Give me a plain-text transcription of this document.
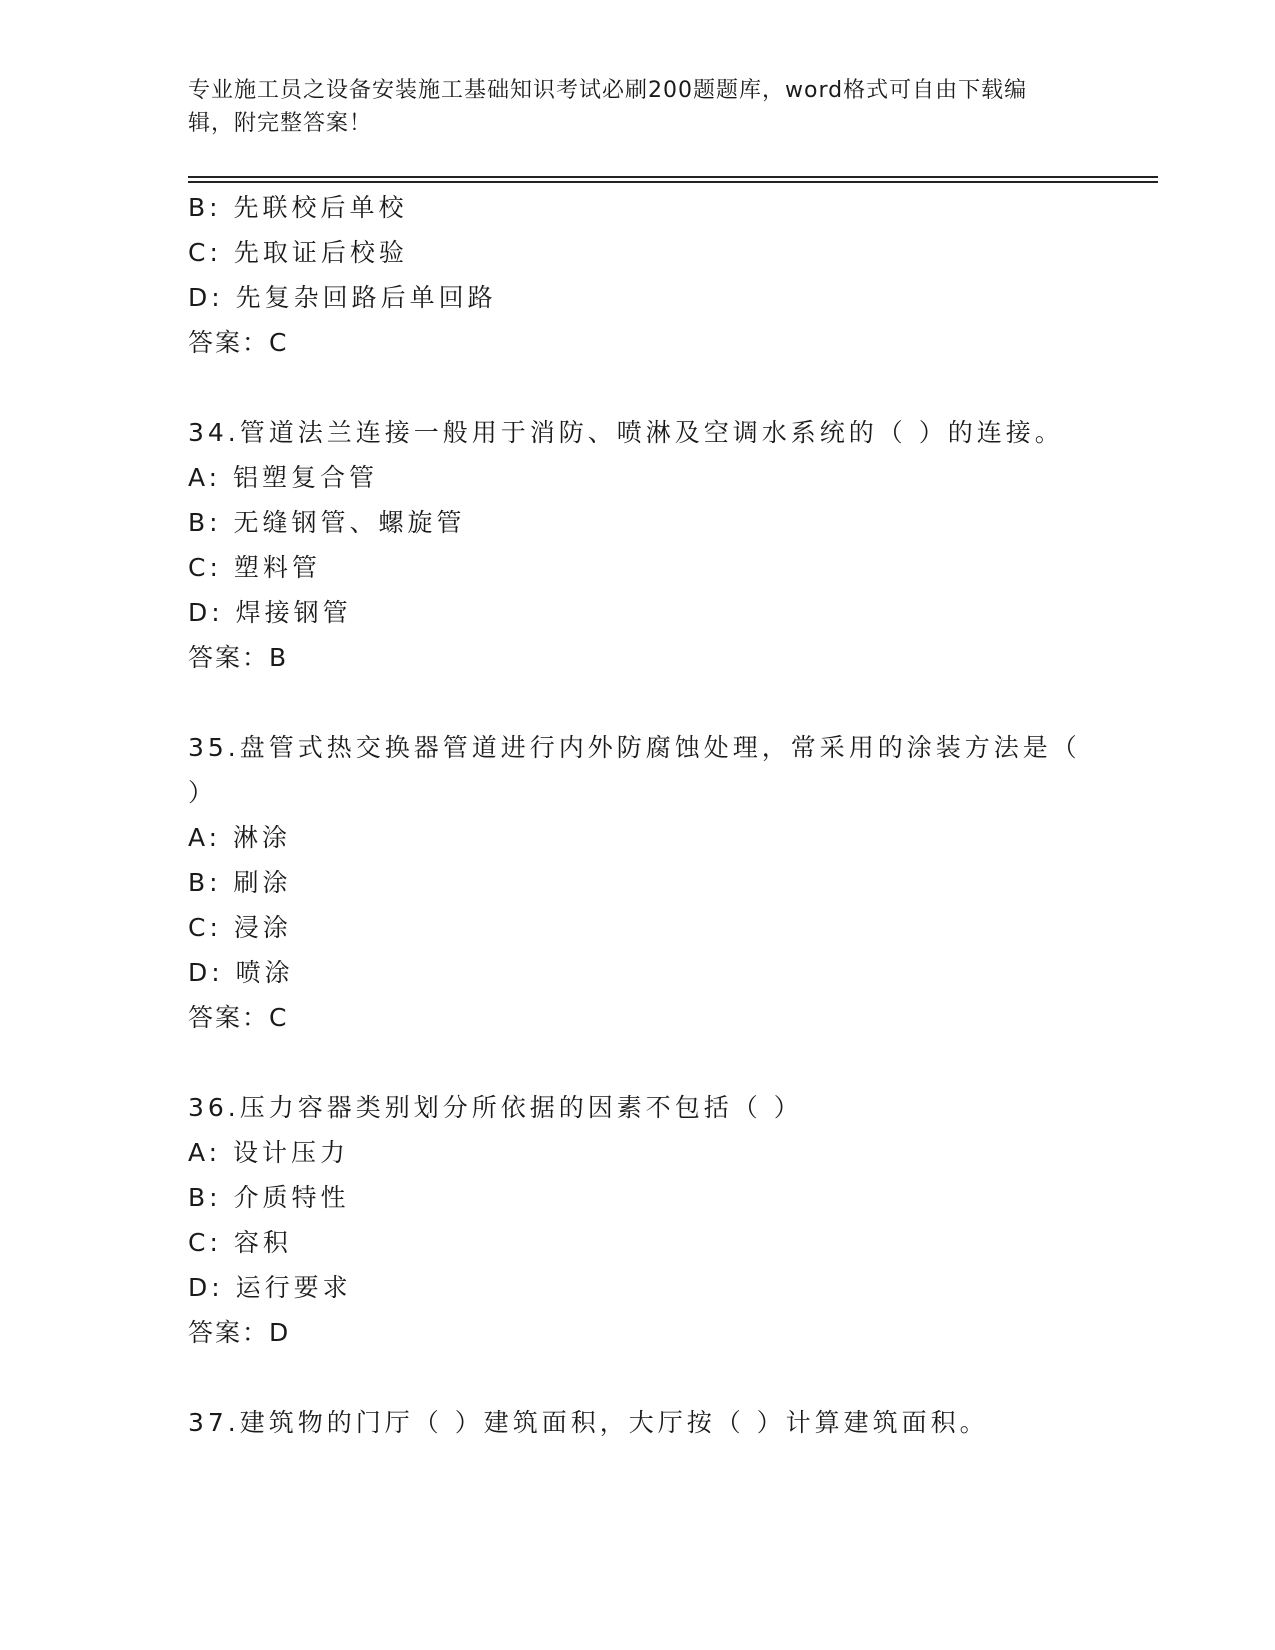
专业施工员之设备安装施工基础知识考试必刷200题题库，word格式可自由下载编辑，附完整答案！
B: 先联校后单校
C: 先取证后校验
D: 先复杂回路后单回路
答案：C
34.管道法兰连接一般用于消防、喷淋及空调水系统的（ ）的连接。
A: 铝塑复合管
B: 无缝钢管、螺旋管
C: 塑料管
D: 焊接钢管
答案：B
35.盘管式热交换器管道进行内外防腐蚀处理，常采用的涂装方法是（
）
A: 淋涂
B: 刷涂
C: 浸涂
D: 喷涂
答案：C
36.压力容器类别划分所依据的因素不包括（ ）
A: 设计压力
B: 介质特性
C: 容积
D: 运行要求
答案：D
37.建筑物的门厅（ ）建筑面积，大厅按（ ）计算建筑面积。
